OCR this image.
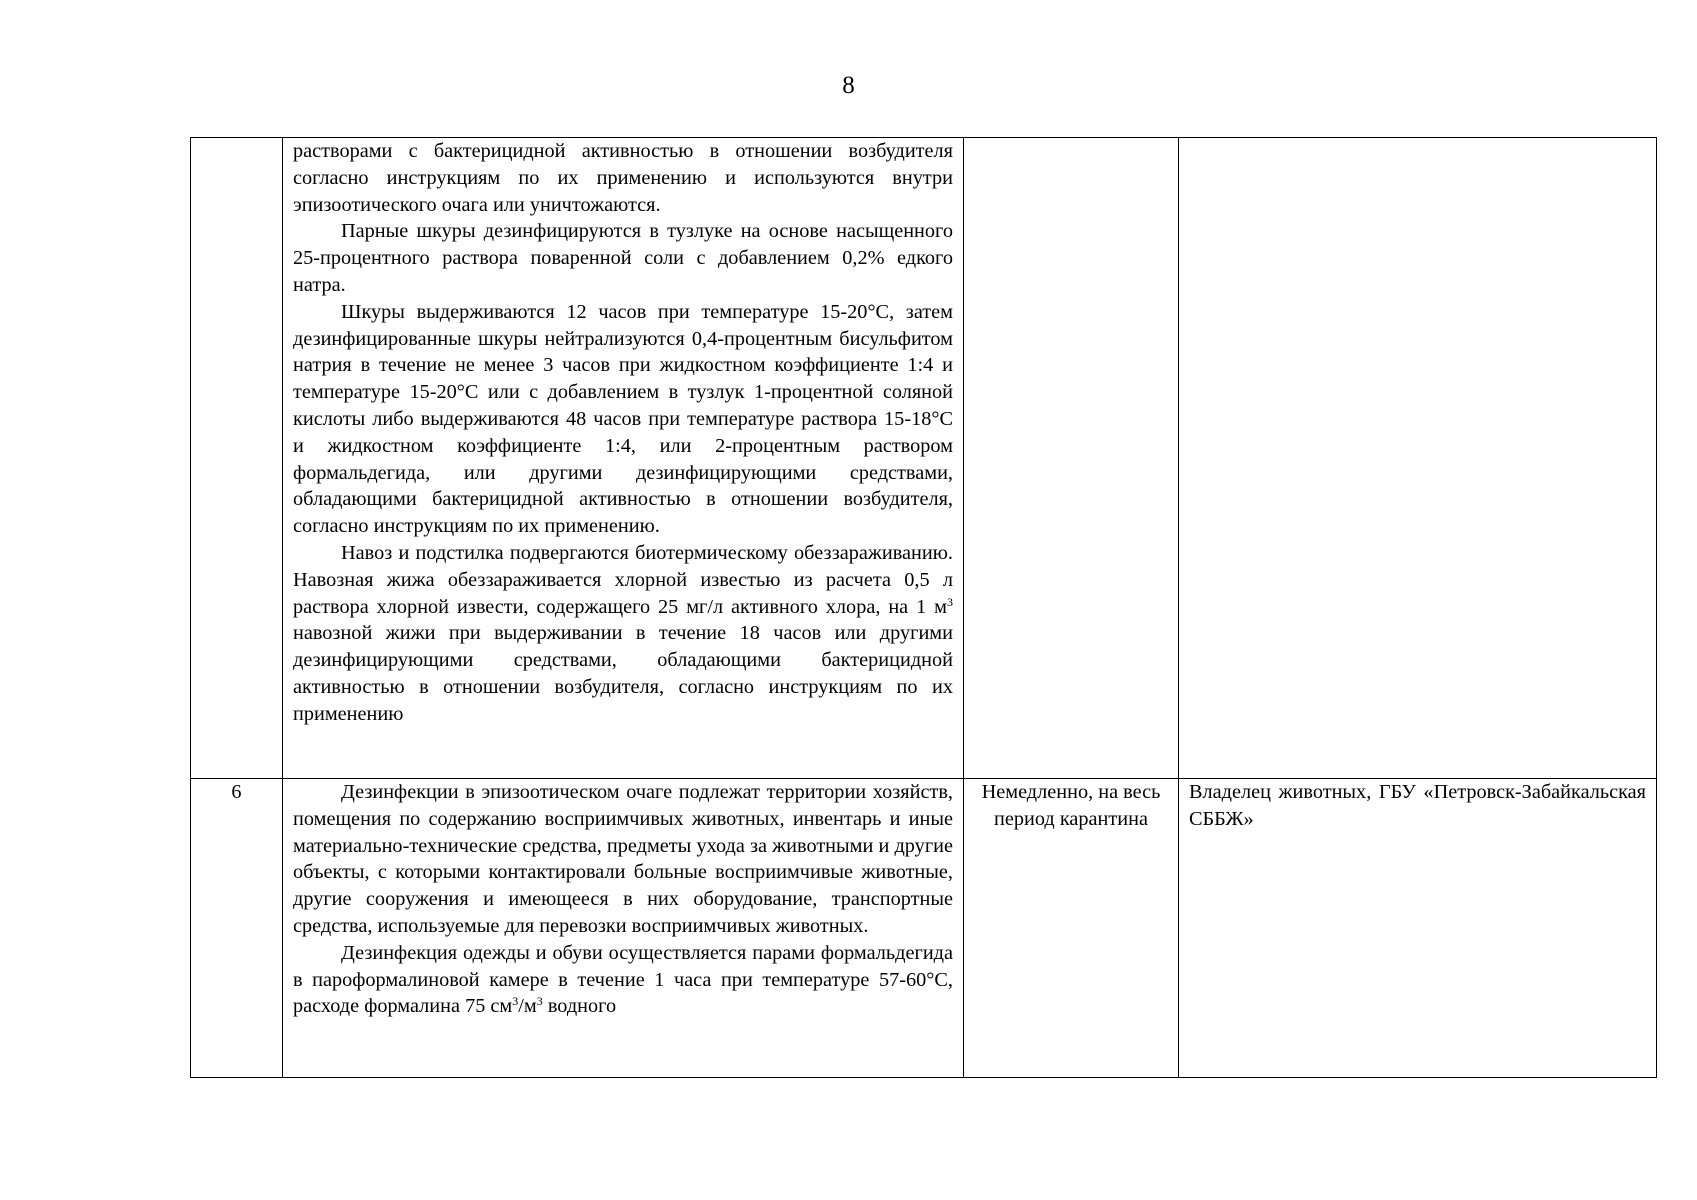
8

	растворами с бактерицидной активностью в отношении возбудителя согласно инструкциям по их применению и используются внутри эпизоотического очага или уничтожаются.

Парные шкуры дезинфицируются в тузлуке на основе насыщенного 25-процентного раствора поваренной соли с добавлением 0,2% едкого натра.

Шкуры выдерживаются 12 часов при температуре 15-20°С, затем дезинфицированные шкуры нейтрализуются 0,4-процентным бисульфитом натрия в течение не менее 3 часов при жидкостном коэффициенте 1:4 и температуре 15-20°С или с добавлением в тузлук 1-процентной соляной кислоты либо выдерживаются 48 часов при температуре раствора 15-18°С и жидкостном коэффициенте 1:4, или 2-процентным раствором формальдегида, или другими дезинфицирующими средствами, обладающими бактерицидной активностью в отношении возбудителя, согласно инструкциям по их применению.

Навоз и подстилка подвергаются биотермическому обеззараживанию. Навозная жижа обеззараживается хлорной известью из расчета 0,5 л раствора хлорной извести, содержащего 25 мг/л активного хлора, на 1 $м^3$ навозной жижи при выдерживании в течение 18 часов или другими дезинфицирующими средствами, обладающими бактерицидной активностью в отношении возбудителя, согласно инструкциям по их применению		

6	Дезинфекции в эпизоотическом очаге подлежат территории хозяйств, помещения по содержанию восприимчивых животных, инвентарь и иные материально-технические средства, предметы ухода за животными и другие объекты, с которыми контактировали больные восприимчивые животные, другие сооружения и имеющееся в них оборудование, транспортные средства, используемые для перевозки восприимчивых животных.

Дезинфекция одежды и обуви осуществляется парами формальдегида в пароформалиновой камере в течение 1 часа при температуре 57-60°С, расходе формалина 75 $см^3/м^3$ водного	Немедленно, на весь период карантина	Владелец животных, ГБУ «Петровск-Забайкальская СББЖ»
